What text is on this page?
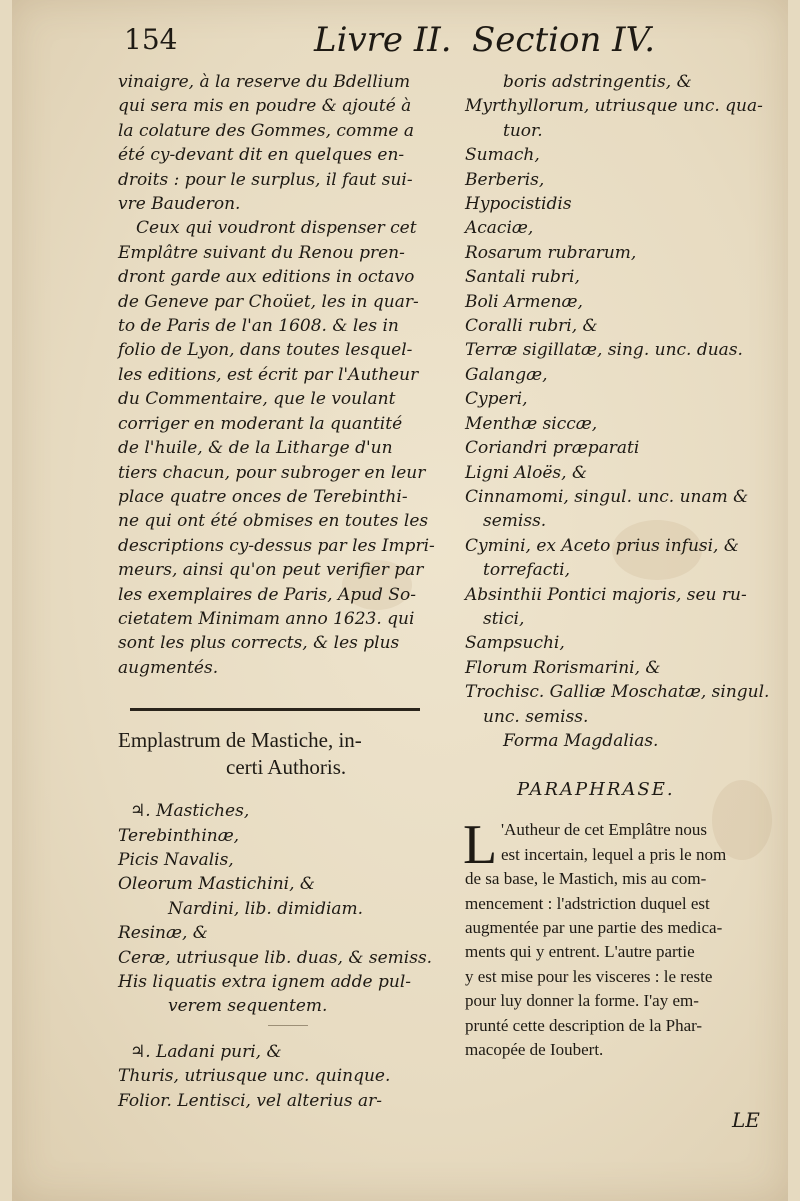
154	Livre II. Section IV.
vinaigre, à la reserve du Bdellium
qui sera mis en poudre & ajouté à
la colature des Gommes, comme a
été cy-devant dit en quelques en-
droits : pour le surplus, il faut sui-
vre Bauderon.
Ceux qui voudront dispenser cet
Emplâtre suivant du Renou pren-
dront garde aux editions in octavo
de Geneve par Choüet, les in quar-
to de Paris de l'an 1608. & les in
folio de Lyon, dans toutes lesquel-
les editions, est écrit par l'Autheur
du Commentaire, que le voulant
corriger en moderant la quantité
de l'huile, & de la Litharge d'un
tiers chacun, pour subroger en leur
place quatre onces de Terebinthi-
ne qui ont été obmises en toutes les
descriptions cy-dessus par les Impri-
meurs, ainsi qu'on peut verifier par
les exemplaires de Paris, Apud So-
cietatem Minimam anno 1623. qui
sont les plus corrects, & les plus
augmentés.
Emplastrum de Mastiche, in-
certi Authoris.
♃. Mastiches,
Terebinthinæ,
Picis Navalis,
Oleorum Mastichini, &
Nardini, lib. dimidiam.
Resinæ, &
Ceræ, utriusque lib. duas, & semiss.
His liquatis extra ignem adde pul-
verem sequentem.
♃. Ladani puri, &
Thuris, utriusque unc. quinque.
Folior. Lentisci, vel alterius ar-
boris adstringentis, &
Myrthyllorum, utriusque unc. qua-
tuor.
Sumach,
Berberis,
Hypocistidis
Acaciæ,
Rosarum rubrarum,
Santali rubri,
Boli Armenæ,
Coralli rubri, &
Terræ sigillatæ, sing. unc. duas.
Galangæ,
Cyperi,
Menthæ siccæ,
Coriandri præparati
Ligni Aloës, &
Cinnamomi, singul. unc. unam &
semiss.
Cymini, ex Aceto prius infusi, &
torrefacti,
Absinthii Pontici majoris, seu ru-
stici,
Sampsuchi,
Florum Rorismarini, &
Trochisc. Galliæ Moschatæ, singul.
unc. semiss.
Forma Magdalias.
PARAPHRASE.
L 'Autheur de cet Emplâtre nous
est incertain, lequel a pris le nom
de sa base, le Mastich, mis au com-
mencement : l'adstriction duquel est
augmentée par une partie des medica-
ments qui y entrent. L'autre partie
y est mise pour les visceres : le reste
pour luy donner la forme. I'ay em-
prunté cette description de la Phar-
macopée de Ioubert.
LE
